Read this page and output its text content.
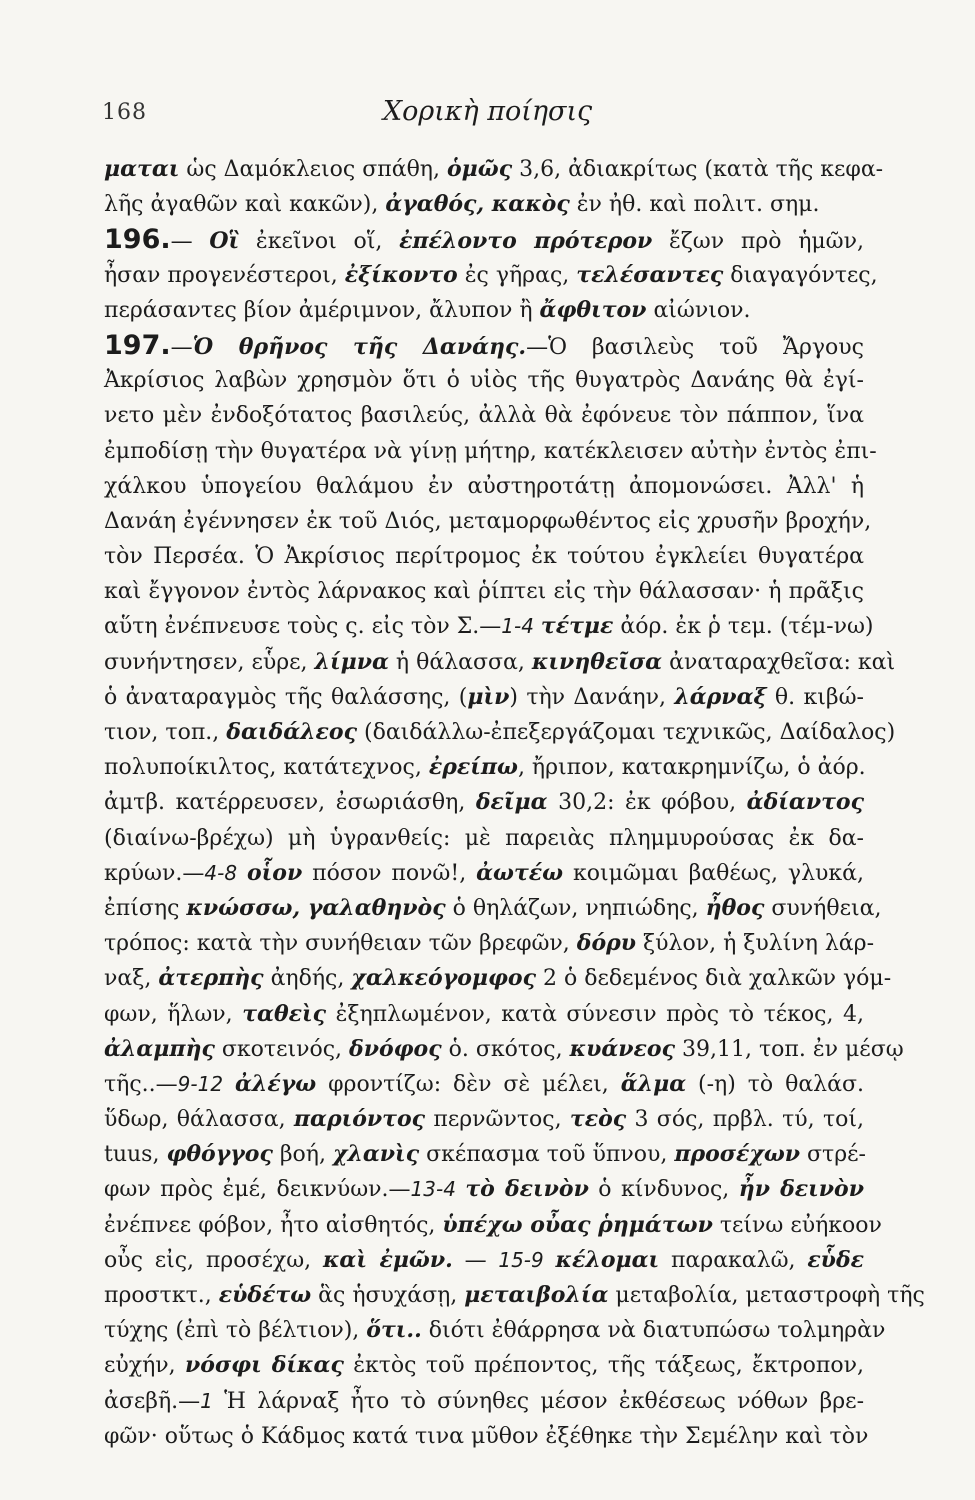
168	Χορικὴ ποίησις
μαται ὡς Δαμόκλειος σπάθη, ὁμῶς 3,6, ἀδιακρίτως (κατὰ τῆς κεφα-
λῆς ἀγαθῶν καὶ κακῶν), ἀγαθός, κακὸς ἐν ἠθ. καὶ πολιτ. σημ.
196.— Οἳ ἐκεῖνοι οἵ, ἐπέλοντο πρότερον ἔζων πρὸ ἡμῶν,
ἦσαν προγενέστεροι, ἐξίκοντο ἐς γῆρας, τελέσαντες διαγαγόντες,
περάσαντες βίον ἀμέριμνον, ἄλυπον ἢ ἄφθιτον αἰώνιον.
197.—Ὁ θρῆνος τῆς Δανάης.—Ὁ βασιλεὺς τοῦ Ἄργους
Ἀκρίσιος λαβὼν χρησμὸν ὅτι ὁ υἱὸς τῆς θυγατρὸς Δανάης θὰ ἐγί-
νετο μὲν ἐνδοξότατος βασιλεύς, ἀλλὰ θὰ ἐφόνευε τὸν πάππον, ἵνα
ἐμποδίσῃ τὴν θυγατέρα νὰ γίνῃ μήτηρ, κατέκλεισεν αὐτὴν ἐντὸς ἐπι-
χάλκου ὑπογείου θαλάμου ἐν αὐστηροτάτῃ ἀπομονώσει. Ἀλλ' ἡ
Δανάη ἐγέννησεν ἐκ τοῦ Διός, μεταμορφωθέντος εἰς χρυσῆν βροχήν,
τὸν Περσέα. Ὁ Ἀκρίσιος περίτρομος ἐκ τούτου ἐγκλείει θυγατέρα
καὶ ἔγγονον ἐντὸς λάρνακος καὶ ῥίπτει εἰς τὴν θάλασσαν· ἡ πρᾶξις
αὕτη ἐνέπνευσε τοὺς ς. εἰς τὸν Σ.—1-4 τέτμε ἀόρ. ἐκ ῥ τεμ. (τέμ-νω)
συνήντησεν, εὗρε, λίμνα ἡ θάλασσα, κινηθεῖσα ἀναταραχθεῖσα: καὶ
ὁ ἀναταραγμὸς τῆς θαλάσσης, (μὶν) τὴν Δανάην, λάρναξ θ. κιβώ-
τιον, τοπ., δαιδάλεος (δαιδάλλω-ἐπεξεργάζομαι τεχνικῶς, Δαίδαλος)
πολυποίκιλτος, κατάτεχνος, ἐρείπω, ἤριπον, κατακρημνίζω, ὁ ἀόρ.
ἀμτβ. κατέρρευσεν, ἐσωριάσθη, δεῖμα 30,2: ἐκ φόβου, ἀδίαντος
(διαίνω-βρέχω) μὴ ὑγρανθείς: μὲ παρειὰς πλημμυρούσας ἐκ δα-
κρύων.—4-8 οἷον πόσον πονῶ!, ἀωτέω κοιμῶμαι βαθέως, γλυκά,
ἐπίσης κνώσσω, γαλαθηνὸς ὁ θηλάζων, νηπιώδης, ἦθος συνήθεια,
τρόπος: κατὰ τὴν συνήθειαν τῶν βρεφῶν, δόρυ ξύλον, ἡ ξυλίνη λάρ-
ναξ, ἀτερπὴς ἀηδής, χαλκεόγομφος 2 ὁ δεδεμένος διὰ χαλκῶν γόμ-
φων, ἥλων, ταθεὶς ἐξηπλωμένον, κατὰ σύνεσιν πρὸς τὸ τέκος, 4,
ἀλαμπὴς σκοτεινός, δνόφος ὁ. σκότος, κυάνεος 39,11, τοπ. ἐν μέσῳ
τῆς..—9-12 ἀλέγω φροντίζω: δὲν σὲ μέλει, ἅλμα (-η) τὸ θαλάσ.
ὕδωρ, θάλασσα, παριόντος περνῶντος, τεὸς 3 σός, πρβλ. τύ, τοί,
tuus, φθόγγος βοή, χλανὶς σκέπασμα τοῦ ὕπνου, προσέχων στρέ-
φων πρὸς ἐμέ, δεικνύων.—13-4 τὸ δεινὸν ὁ κίνδυνος, ἦν δεινὸν
ἐνέπνεε φόβον, ἦτο αἰσθητός, ὑπέχω οὖας ῥημάτων τείνω εὐήκοον
οὖς εἰς, προσέχω, καὶ ἐμῶν. — 15-9 κέλομαι παρακαλῶ, εὗδε
προστκτ., εὑδέτω ἃς ἡσυχάσῃ, μεταιβολία μεταβολία, μεταστροφὴ τῆς
τύχης (ἐπὶ τὸ βέλτιον), ὅτι.. διότι ἐθάρρησα νὰ διατυπώσω τολμηρὰν
εὐχήν, νόσφι δίκας ἐκτὸς τοῦ πρέποντος, τῆς τάξεως, ἔκτροπον,
ἀσεβῆ.—1 Ἡ λάρναξ ἦτο τὸ σύνηθες μέσον ἐκθέσεως νόθων βρε-
φῶν· οὕτως ὁ Κάδμος κατά τινα μῦθον ἐξέθηκε τὴν Σεμέλην καὶ τὸν
